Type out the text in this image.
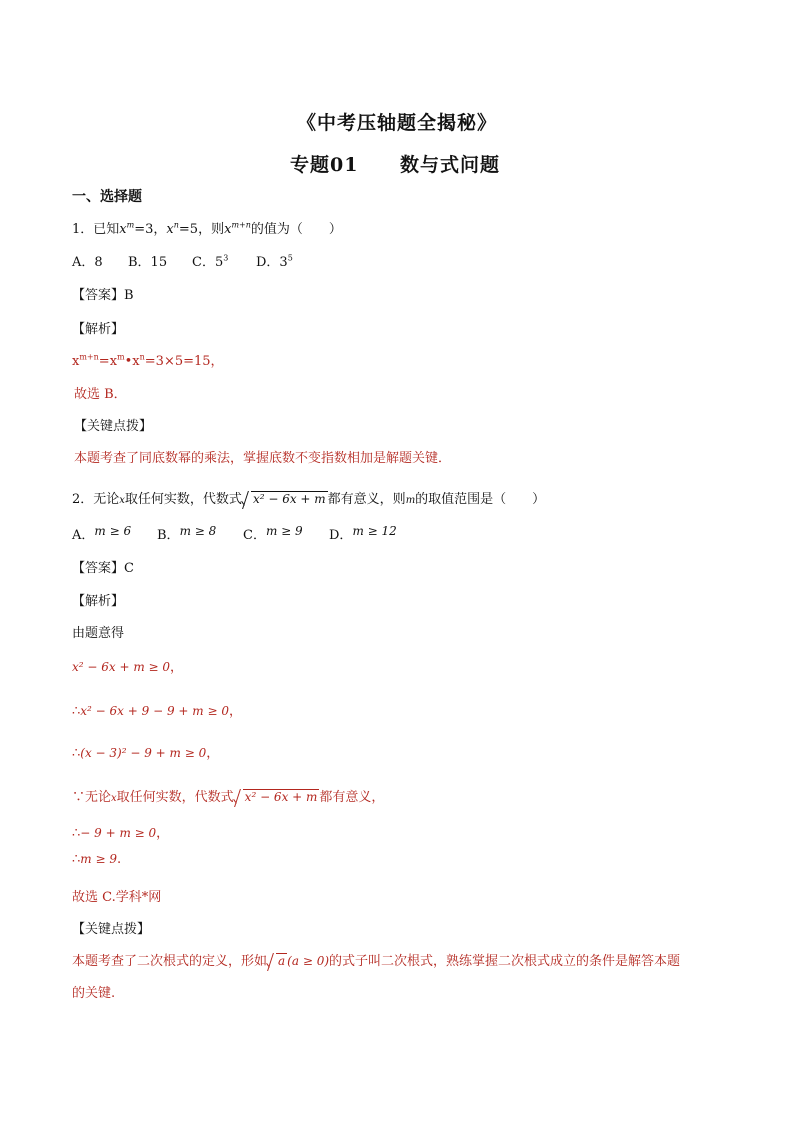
《中考压轴题全揭秘》
专题01 数与式问题
一、选择题
1．已知$x^m=3$，$x^n=5$，则$x^{m+n}$的值为（　　）
A．8 B．15 C．$5^3$ D．$3^5$
【答案】B
【解析】
$x^{m+n}=x^m•x^n=3\times 5=15$，
故选 B．
【关键点拨】
本题考查了同底数幂的乘法，掌握底数不变指数相加是解题关键．
2．无论x取任何实数，代数式 x² − 6x + m 都有意义，则m的取值范围是（　　）
A．m ≥ 6 B．m ≥ 8 C．m ≥ 9 D．m ≥ 12
【答案】C
【解析】
由题意得
x² − 6x + m ≥ 0，
∴x² − 6x + 9 − 9 + m ≥ 0，
∴(x − 3)² − 9 + m ≥ 0，
∵无论x取任何实数，代数式 x² − 6x + m 都有意义，
∴− 9 + m ≥ 0，
∴m ≥ 9.
故选 C.学科*网
【关键点拨】
本题考查了二次根式的定义，形如 a (a ≥ 0)的式子叫二次根式，熟练掌握二次根式成立的条件是解答本题
的关键.
